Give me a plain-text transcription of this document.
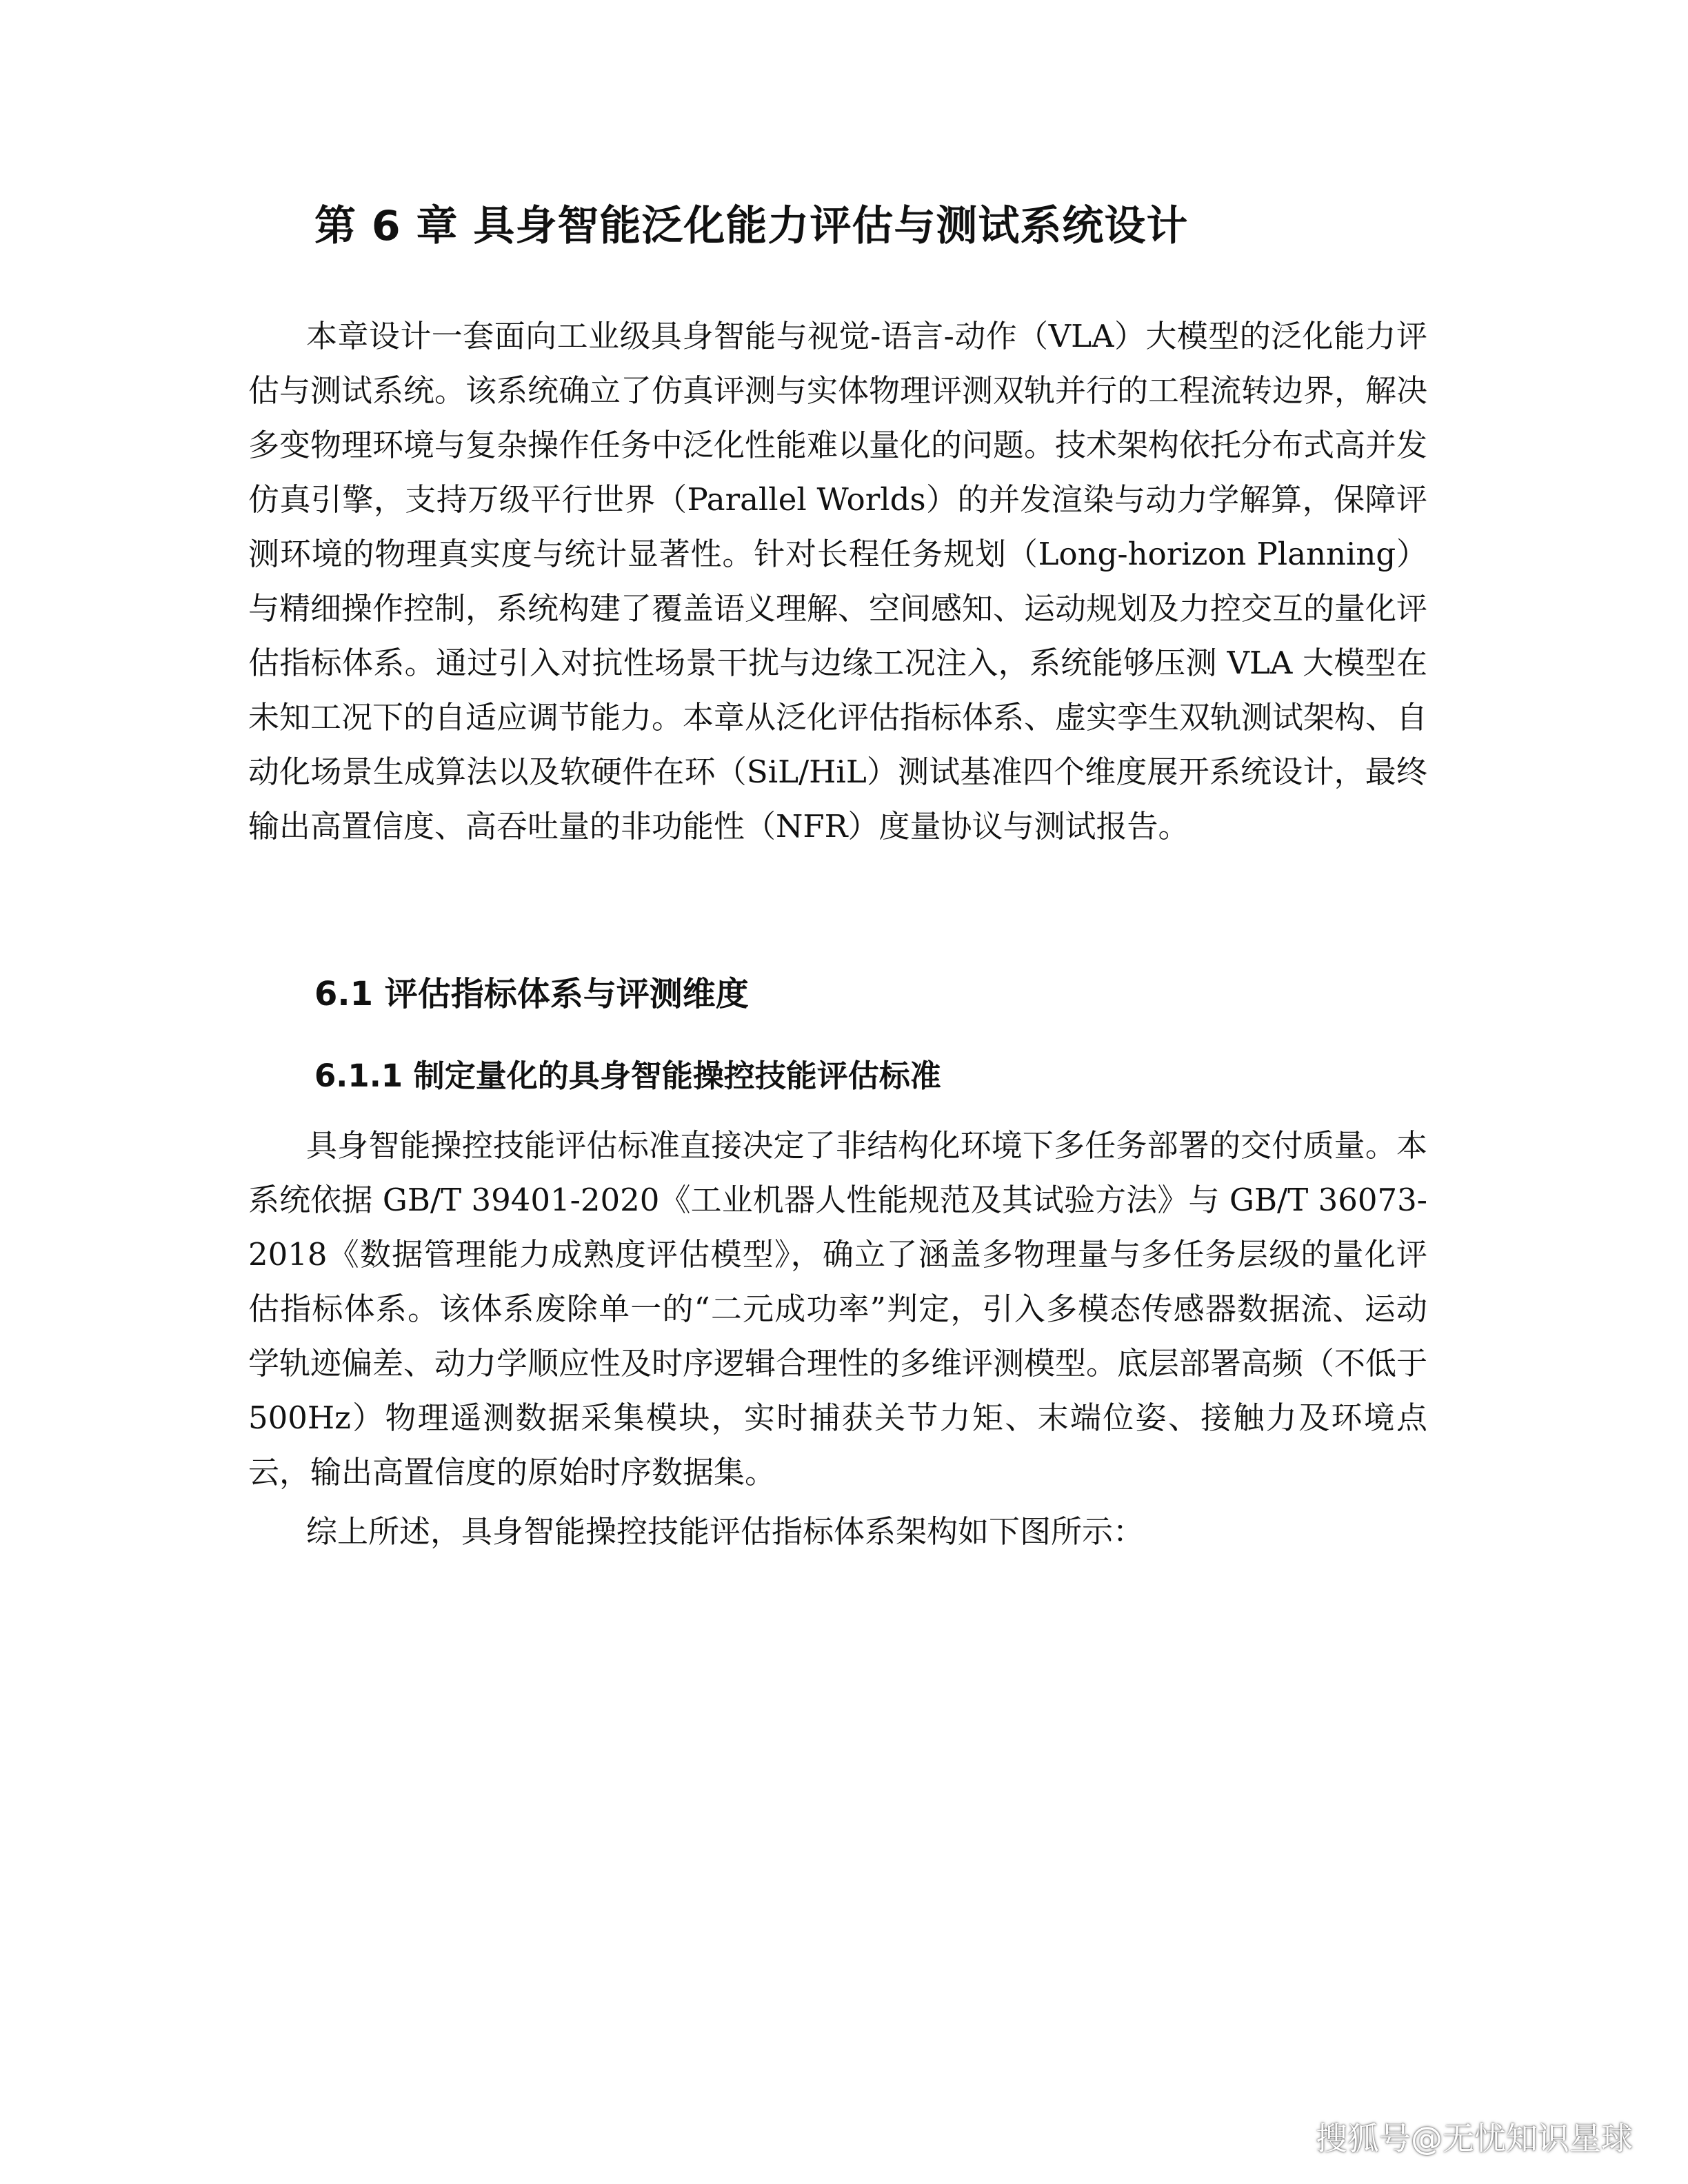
第 6 章 具身智能泛化能力评估与测试系统设计

本章设计一套面向工业级具身智能与视觉-语言-动作（VLA）大模型的泛化能力评估与测试系统。该系统确立了仿真评测与实体物理评测双轨并行的工程流转边界，解决多变物理环境与复杂操作任务中泛化性能难以量化的问题。技术架构依托分布式高并发仿真引擎，支持万级平行世界（Parallel Worlds）的并发渲染与动力学解算，保障评测环境的物理真实度与统计显著性。针对长程任务规划（Long-horizon Planning）与精细操作控制，系统构建了覆盖语义理解、空间感知、运动规划及力控交互的量化评估指标体系。通过引入对抗性场景干扰与边缘工况注入，系统能够压测 VLA 大模型在未知工况下的自适应调节能力。本章从泛化评估指标体系、虚实孪生双轨测试架构、自动化场景生成算法以及软硬件在环（SiL/HiL）测试基准四个维度展开系统设计，最终输出高置信度、高吞吐量的非功能性（NFR）度量协议与测试报告。

6.1 评估指标体系与评测维度
6.1.1 制定量化的具身智能操控技能评估标准

具身智能操控技能评估标准直接决定了非结构化环境下多任务部署的交付质量。本系统依据 GB/T 39401-2020《工业机器人性能规范及其试验方法》与 GB/T 36073-2018《数据管理能力成熟度评估模型》，确立了涵盖多物理量与多任务层级的量化评估指标体系。该体系废除单一的“二元成功率”判定，引入多模态传感器数据流、运动学轨迹偏差、动力学顺应性及时序逻辑合理性的多维评测模型。底层部署高频（不低于 500Hz）物理遥测数据采集模块，实时捕获关节力矩、末端位姿、接触力及环境点云，输出高置信度的原始时序数据集。

综上所述，具身智能操控技能评估指标体系架构如下图所示：

搜狐号@无忧知识星球
